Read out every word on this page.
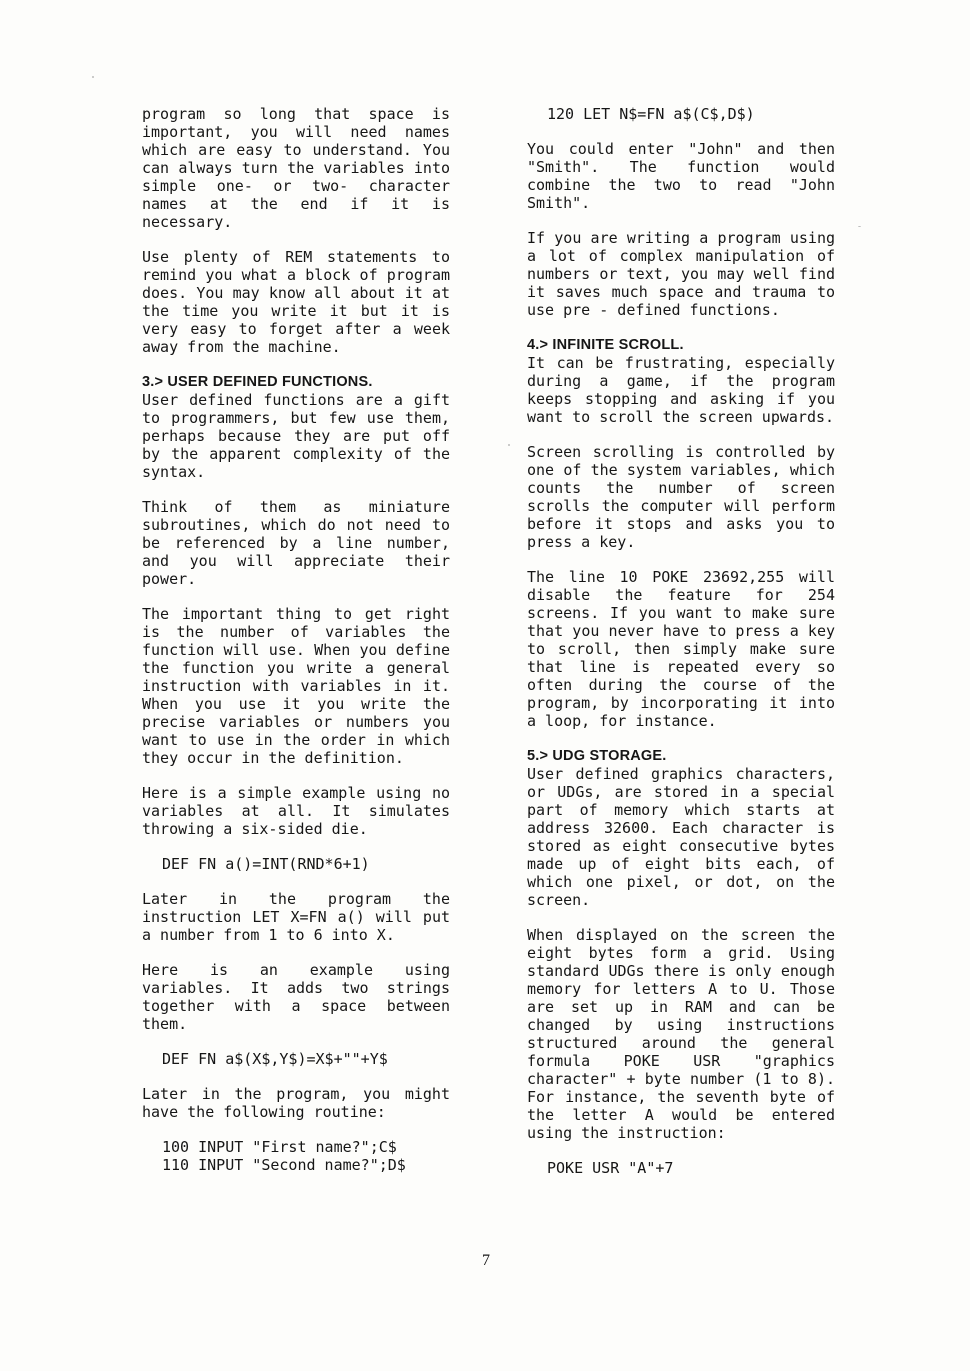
program so long that space is important, you will need names which are easy to understand. You can always turn the variables into simple one- or two- character names at the end if it is necessary.

Use plenty of REM statements to remind you what a block of program does. You may know all about it at the time you write it but it is very easy to forget after a week away from the machine.

3.> USER DEFINED FUNCTIONS.

User defined functions are a gift to programmers, but few use them, perhaps because they are put off by the apparent complexity of the syntax.

Think of them as miniature subroutines, which do not need to be referenced by a line number, and you will appreciate their power.

The important thing to get right is the number of variables the function will use. When you define the function you write a general instruction with variables in it. When you use it you write the precise variables or numbers you want to use in the order in which they occur in the definition.

Here is a simple example using no variables at all. It simulates throwing a six-sided die.

DEF FN a()=INT(RND*6+1)

Later in the program the instruction LET X=FN a() will put a number from 1 to 6 into X.

Here is an example using variables. It adds two strings together with a space between them.

DEF FN a$(X$,Y$)=X$+""+Y$

Later in the program, you might have the following routine:

100 INPUT "First name?";C$
110 INPUT "Second name?";D$

120 LET N$=FN a$(C$,D$)

You could enter "John" and then "Smith". The function would combine the two to read "John Smith".

If you are writing a program using a lot of complex manipulation of numbers or text, you may well find it saves much space and trauma to use pre - defined functions.

4.> INFINITE SCROLL.

It can be frustrating, especially during a game, if the program keeps stopping and asking if you want to scroll the screen upwards.

Screen scrolling is controlled by one of the system variables, which counts the number of screen scrolls the computer will perform before it stops and asks you to press a key.

The line 10 POKE 23692,255 will disable the feature for 254 screens. If you want to make sure that you never have to press a key to scroll, then simply make sure that line is repeated every so often during the course of the program, by incorporating it into a loop, for instance.

5.> UDG STORAGE.

User defined graphics characters, or UDGs, are stored in a special part of memory which starts at address 32600. Each character is stored as eight consecutive bytes made up of eight bits each, of which one pixel, or dot, on the screen.

When displayed on the screen the eight bytes form a grid. Using standard UDGs there is only enough memory for letters A to U. Those are set up in RAM and can be changed by using instructions structured around the general formula POKE USR "graphics character" + byte number (1 to 8). For instance, the seventh byte of the letter A would be entered using the instruction:

POKE USR "A"+7

7
